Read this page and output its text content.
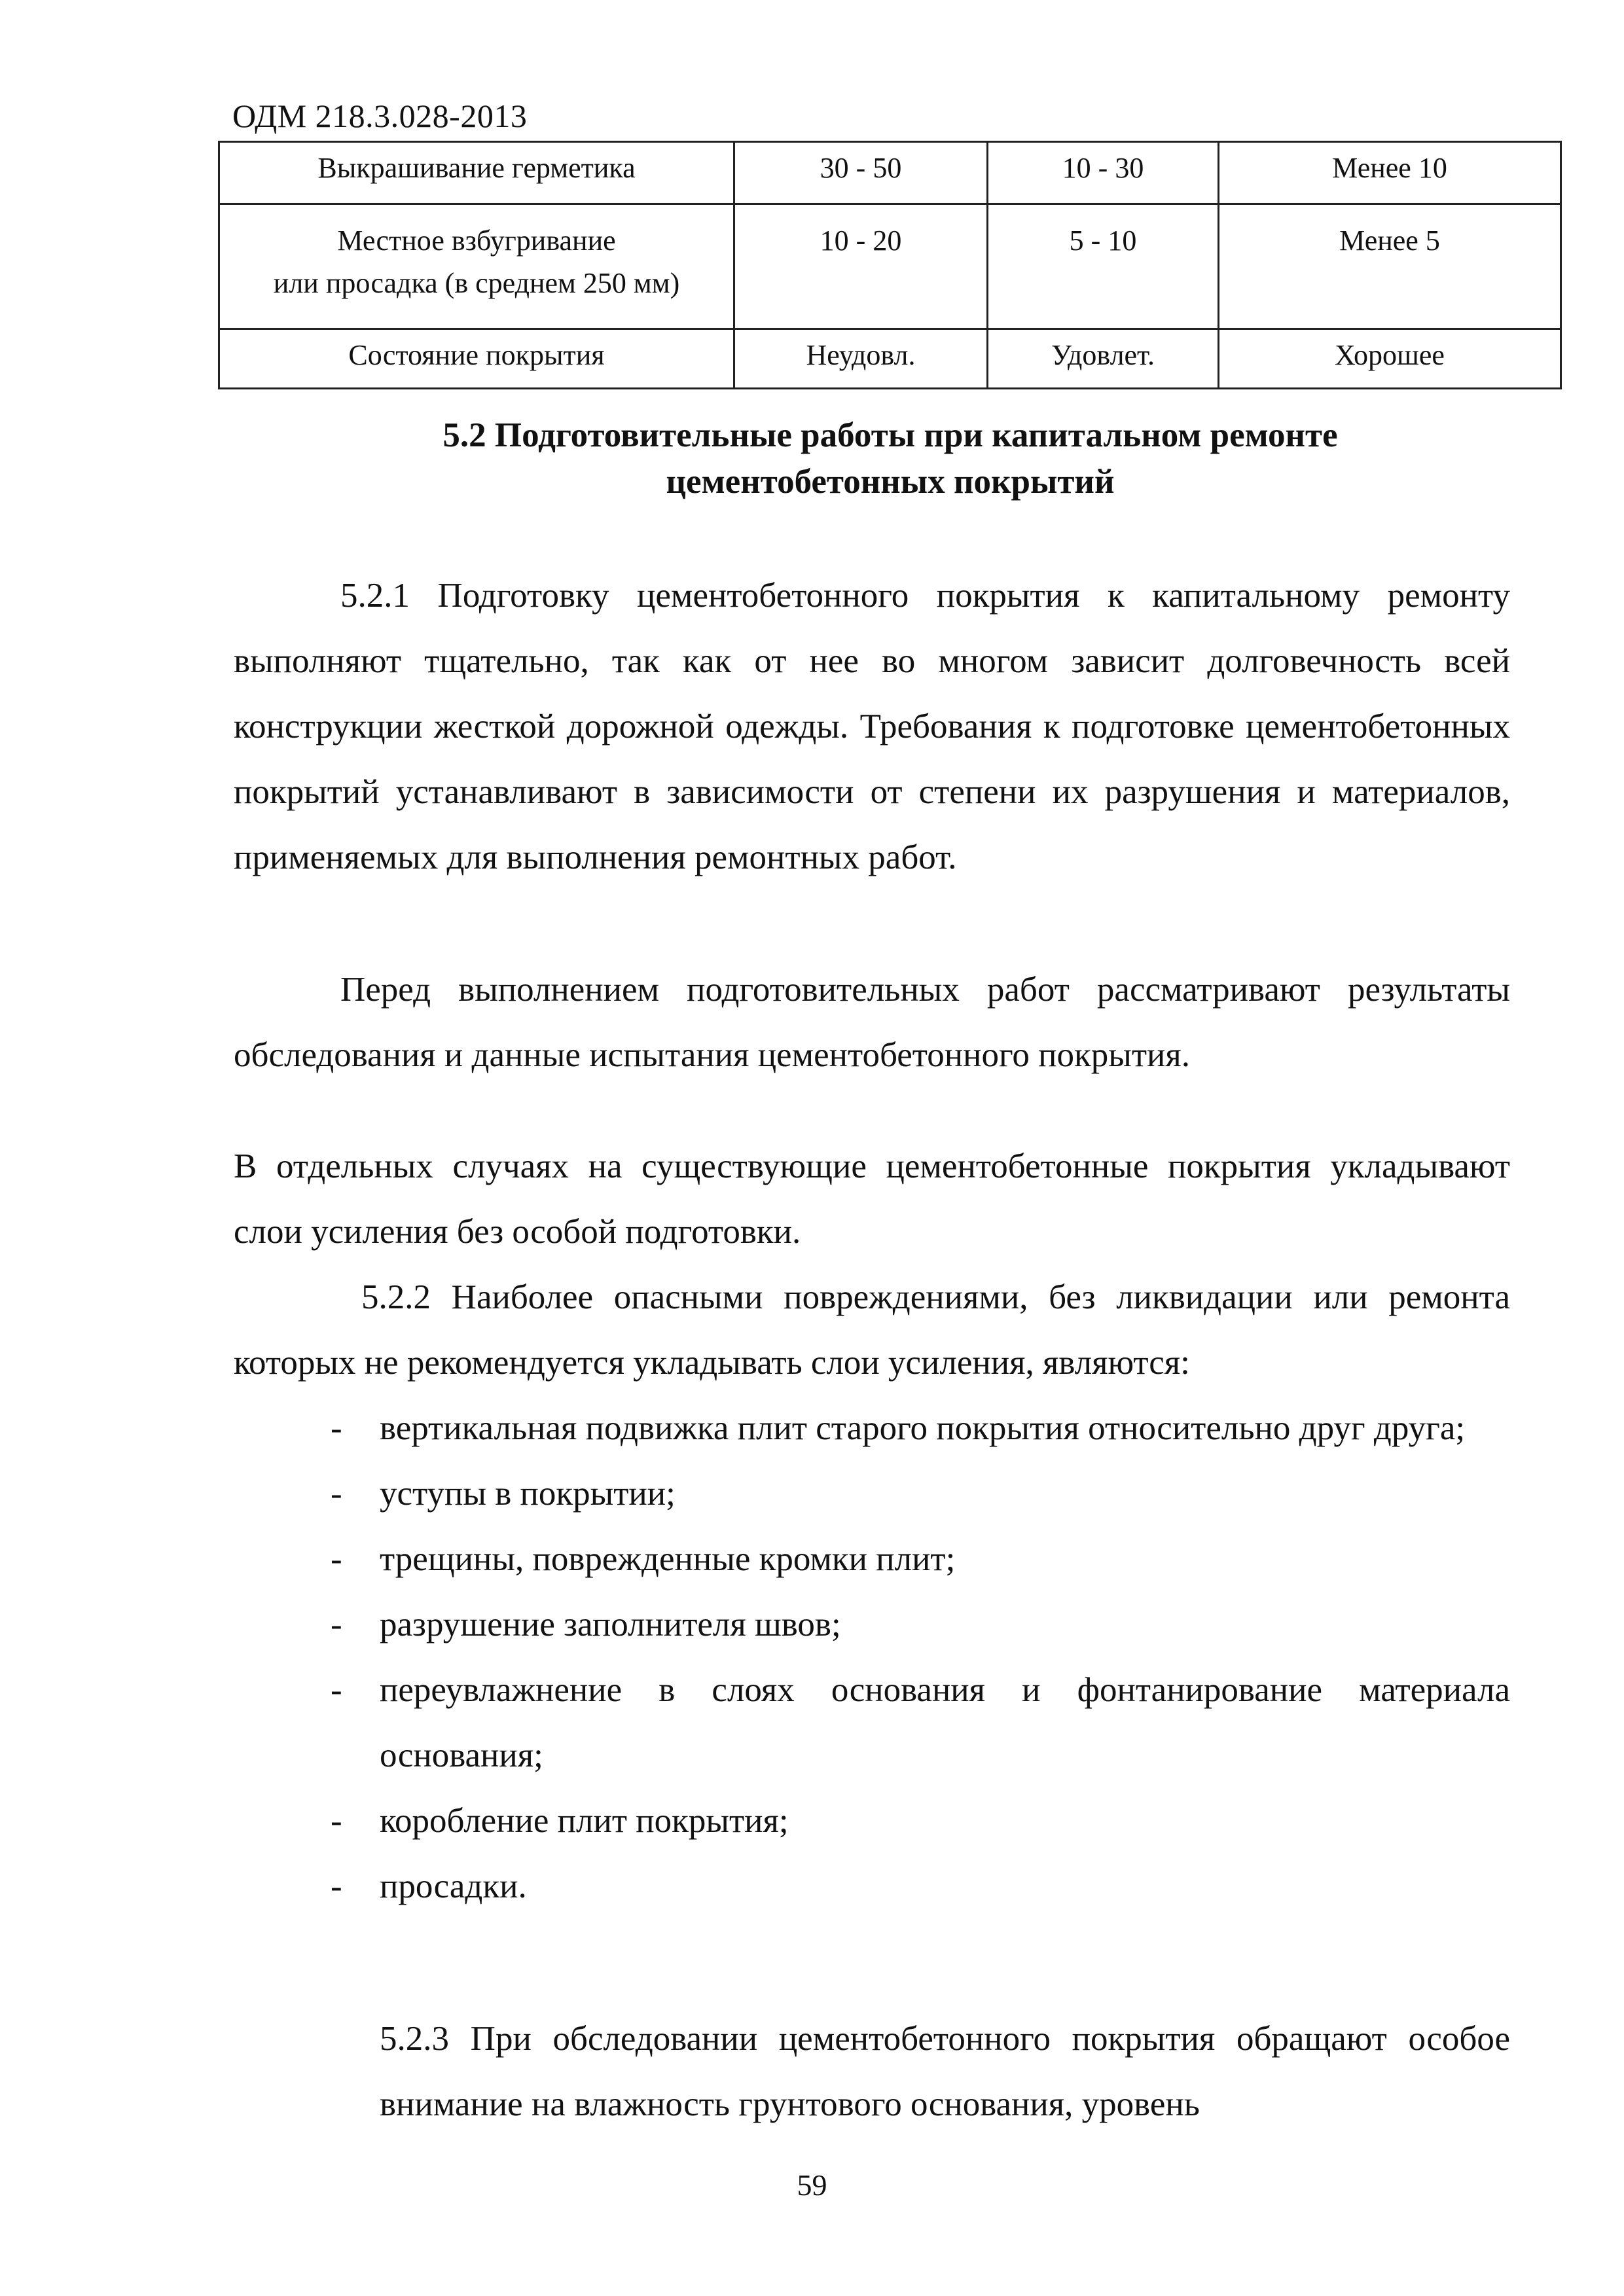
ОДМ 218.3.028-2013
Выкрашивание герметика	30 - 50	10 - 30	Менее 10

Местное взбугривание
или просадка (в среднем 250 мм)	10 - 20	5 - 10	Менее 5
Состояние покрытия	Неудовл.	Удовлет.	Хорошее
5.2 Подготовительные работы при капитальном ремонте
цементобетонных покрытий
5.2.1 Подготовку цементобетонного покрытия к капитальному ремонту выполняют тщательно, так как от нее во многом зависит долговечность всей конструкции жесткой дорожной одежды. Требования к подготовке цементобетонных покрытий устанавливают в зависимости от степени их разрушения и материалов, применяемых для выполнения ремонтных работ.
Перед выполнением подготовительных работ рассматривают результаты обследования и данные испытания цементобетонного покрытия.
В отдельных случаях на существующие цементобетонные покрытия укладывают слои усиления без особой подготовки.
5.2.2 Наиболее опасными повреждениями, без ликвидации или ремонта которых не рекомендуется укладывать слои усиления, являются:
- вертикальная подвижка плит старого покрытия относительно друг друга;
- уступы в покрытии;
- трещины, поврежденные кромки плит;
- разрушение заполнителя швов;
- переувлажнение в слоях основания и фонтанирование материала основания;
- коробление плит покрытия;
- просадки.
5.2.3 При обследовании цементобетонного покрытия обращают особое внимание на влажность грунтового основания, уровень
59
